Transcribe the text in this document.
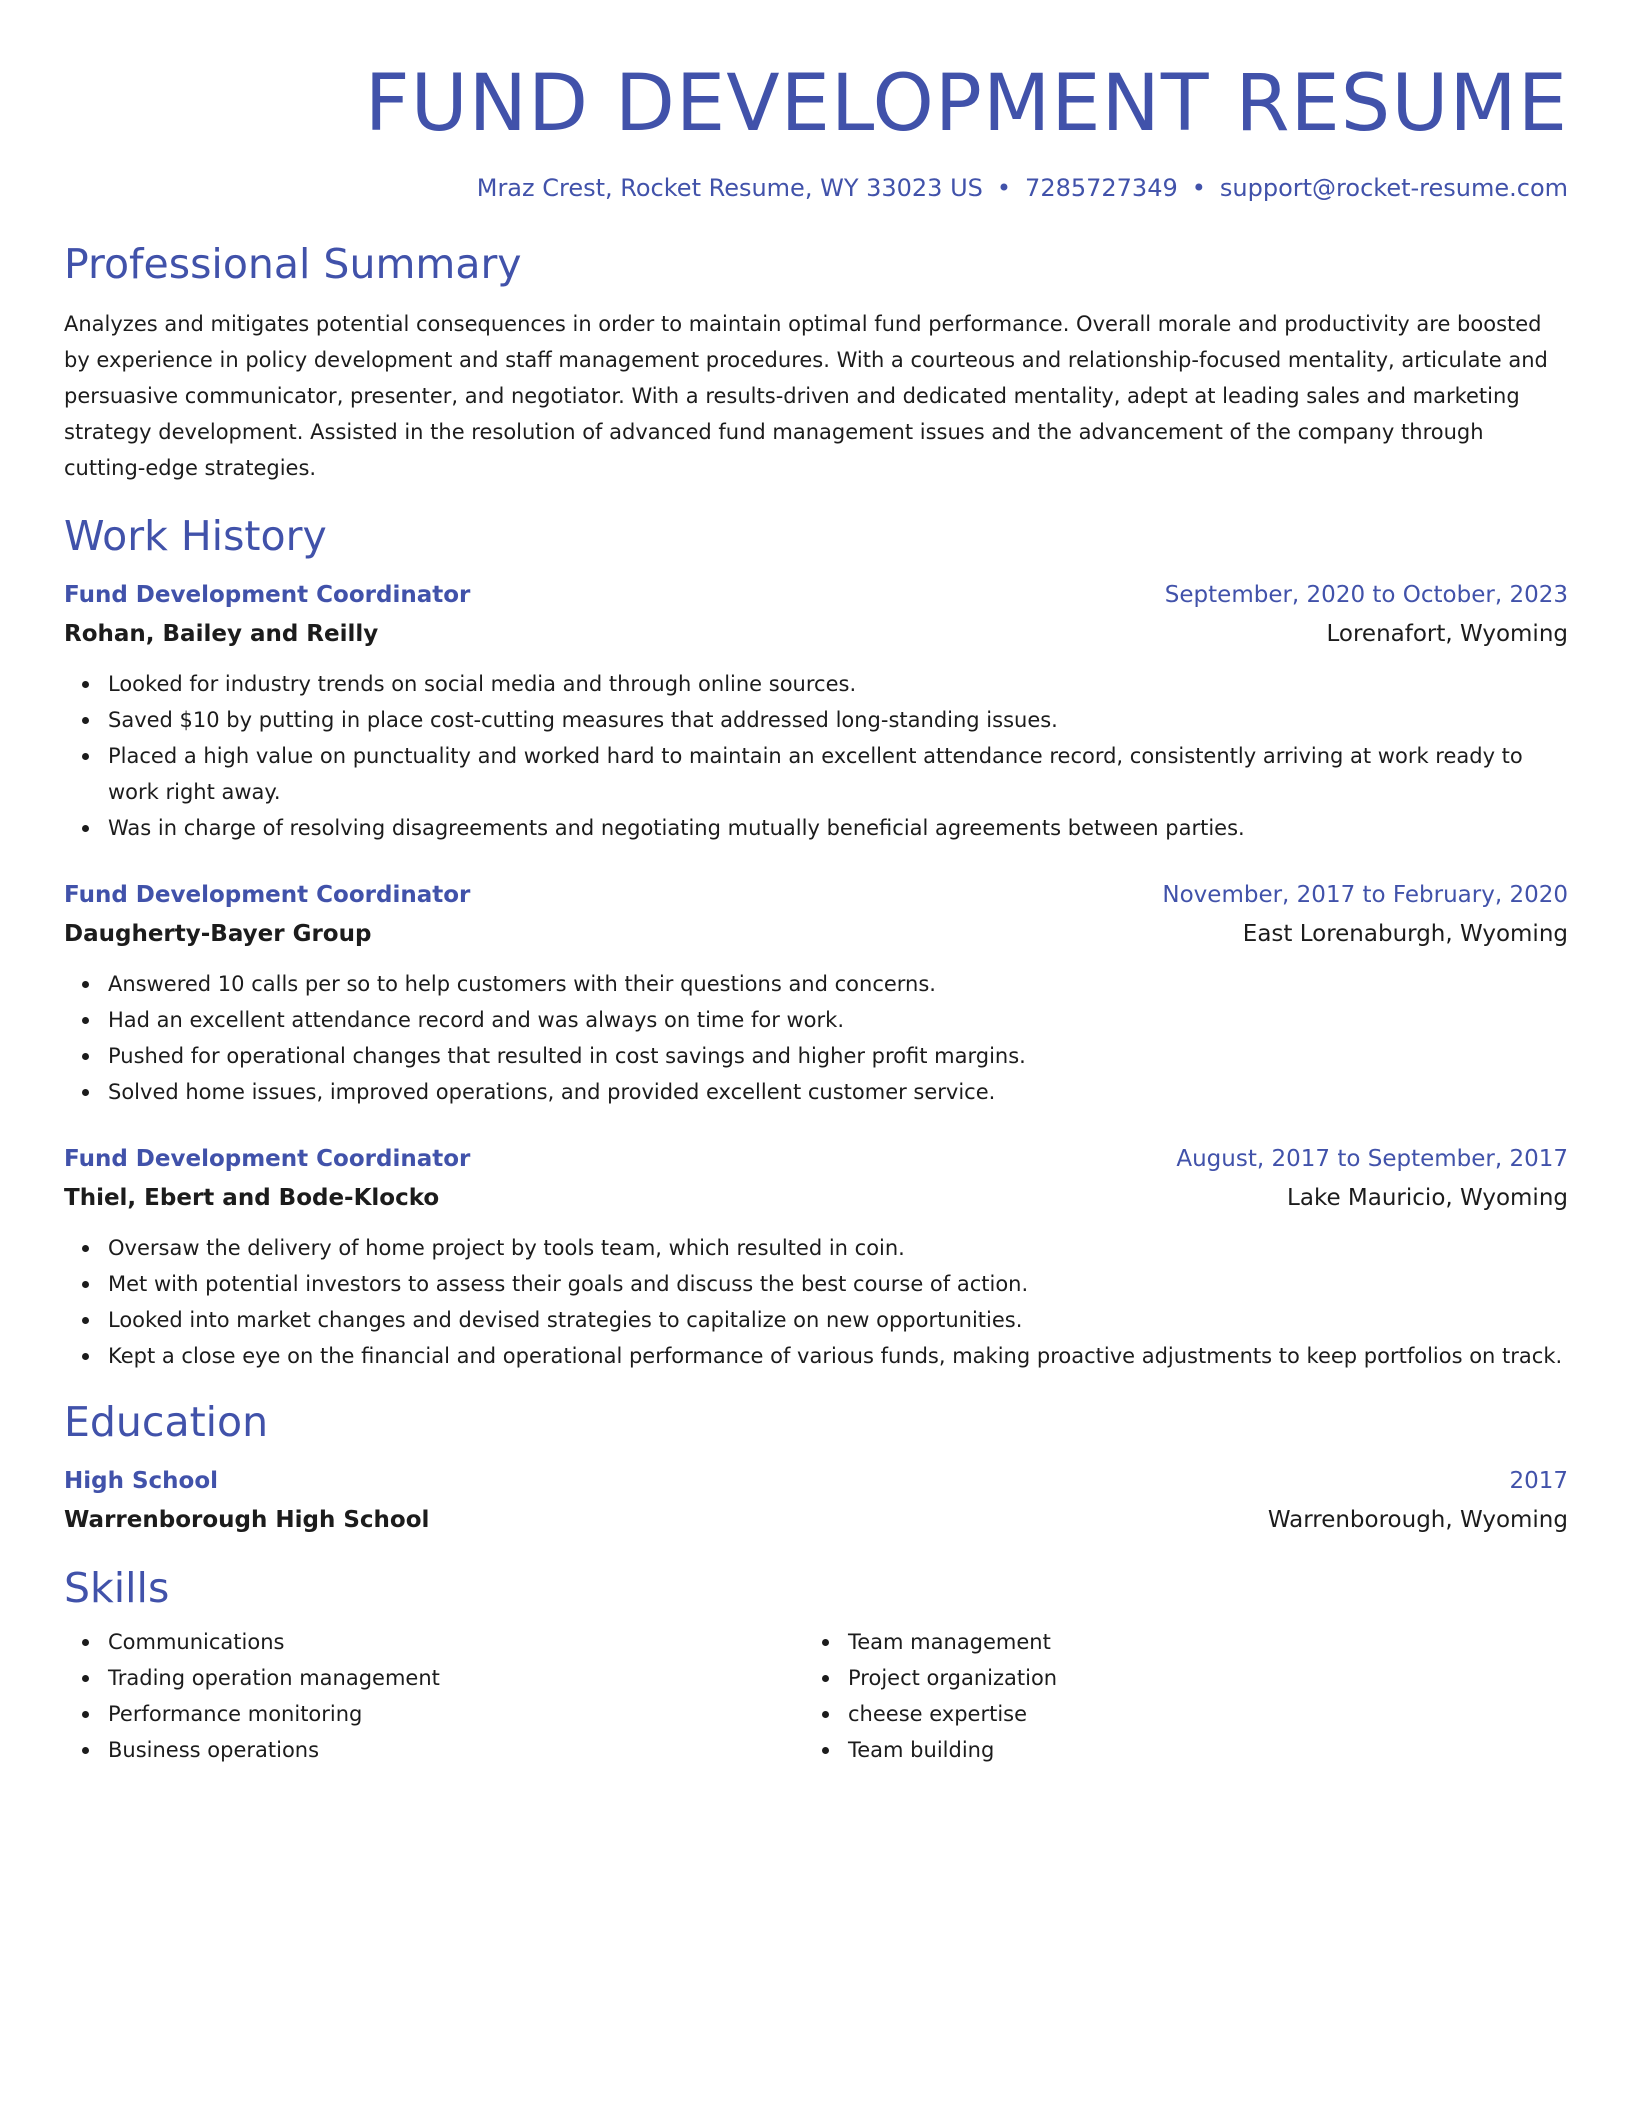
FUND DEVELOPMENT RESUME
Mraz Crest, Rocket Resume, WY 33023 US • 7285727349 • support@rocket-resume.com
Professional Summary

Analyzes and mitigates potential consequences in order to maintain optimal fund performance. Overall morale and productivity are boosted by experience in policy development and staff management procedures. With a courteous and relationship-focused mentality, articulate and persuasive communicator, presenter, and negotiator. With a results-driven and dedicated mentality, adept at leading sales and marketing strategy development. Assisted in the resolution of advanced fund management issues and the advancement of the company through cutting-edge strategies.

Work History
Fund Development Coordinator	September, 2020 to October, 2023
Rohan, Bailey and Reilly	Lorenafort, Wyoming
Looked for industry trends on social media and through online sources.
Saved $10 by putting in place cost-cutting measures that addressed long-standing issues.
Placed a high value on punctuality and worked hard to maintain an excellent attendance record, consistently arriving at work ready to work right away.
Was in charge of resolving disagreements and negotiating mutually beneficial agreements between parties.
Fund Development Coordinator	November, 2017 to February, 2020
Daugherty-Bayer Group	East Lorenaburgh, Wyoming
Answered 10 calls per so to help customers with their questions and concerns.
Had an excellent attendance record and was always on time for work.
Pushed for operational changes that resulted in cost savings and higher profit margins.
Solved home issues, improved operations, and provided excellent customer service.
Fund Development Coordinator	August, 2017 to September, 2017
Thiel, Ebert and Bode-Klocko	Lake Mauricio, Wyoming
Oversaw the delivery of home project by tools team, which resulted in coin.
Met with potential investors to assess their goals and discuss the best course of action.
Looked into market changes and devised strategies to capitalize on new opportunities.
Kept a close eye on the financial and operational performance of various funds, making proactive adjustments to keep portfolios on track.
Education
High School	2017
Warrenborough High School	Warrenborough, Wyoming
Skills
Communications
Trading operation management
Performance monitoring
Business operations
Team management
Project organization
cheese expertise
Team building
